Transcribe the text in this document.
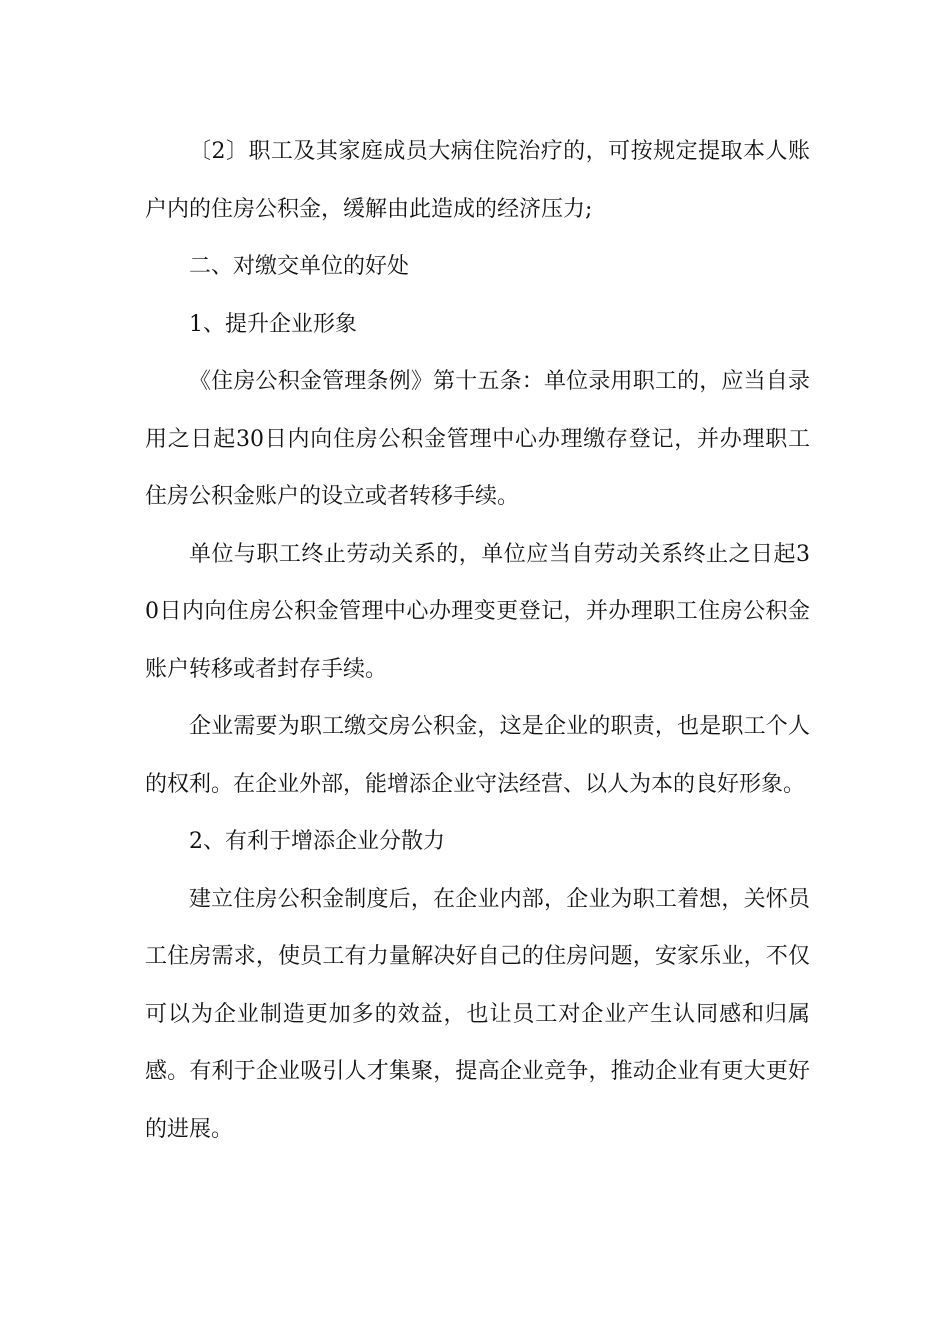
〔2〕职工及其家庭成员大病住院治疗的，可按规定提取本人账户内的住房公积金，缓解由此造成的经济压力;

二、对缴交单位的好处

1、提升企业形象

《住房公积金管理条例》第十五条：单位录用职工的，应当自录用之日起30日内向住房公积金管理中心办理缴存登记，并办理职工住房公积金账户的设立或者转移手续。

单位与职工终止劳动关系的，单位应当自劳动关系终止之日起30日内向住房公积金管理中心办理变更登记，并办理职工住房公积金账户转移或者封存手续。

企业需要为职工缴交房公积金，这是企业的职责，也是职工个人的权利。在企业外部，能增添企业守法经营、以人为本的良好形象。

2、有利于增添企业分散力

建立住房公积金制度后，在企业内部，企业为职工着想，关怀员工住房需求，使员工有力量解决好自己的住房问题，安家乐业，不仅可以为企业制造更加多的效益，也让员工对企业产生认同感和归属感。有利于企业吸引人才集聚，提高企业竞争，推动企业有更大更好的进展。
